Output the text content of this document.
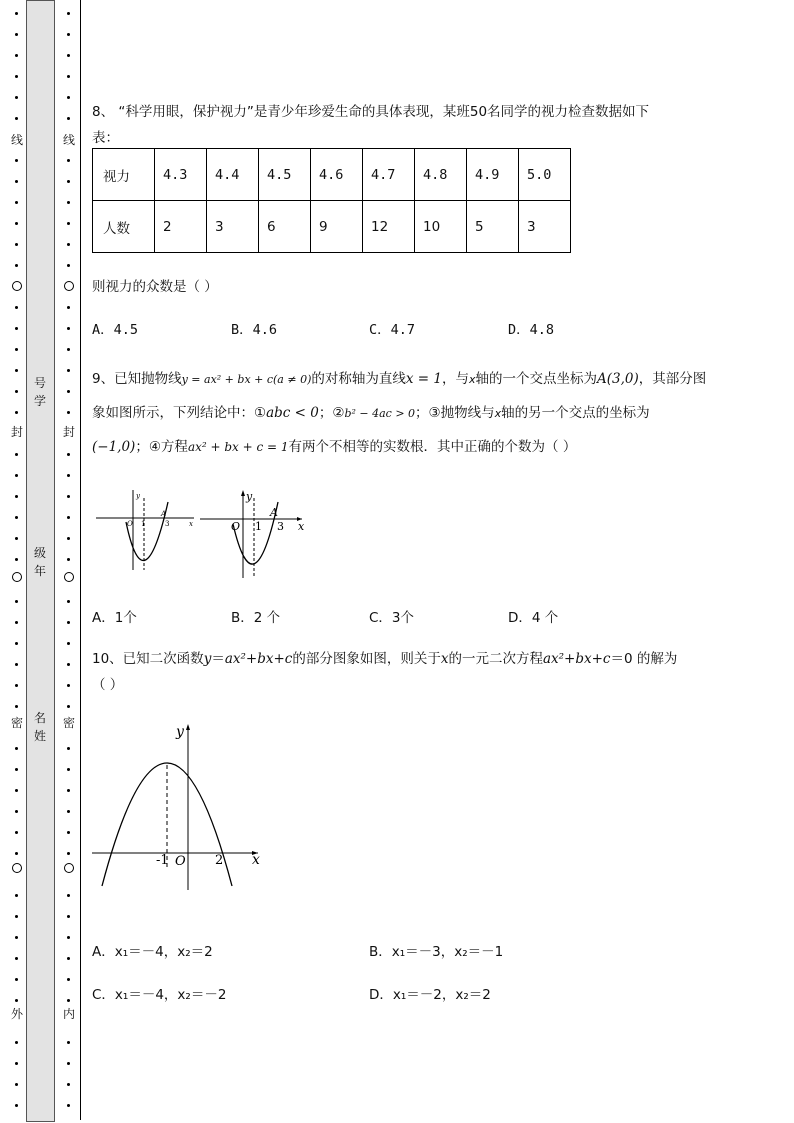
线
封
密
外
线
封
密
内
号
学
级
年
名
姓
8、 “科学用眼，保护视力”是青少年珍爱生命的具体表现，某班50名同学的视力检查数据如下
表：
视力	4.3	4.4	4.5	4.6	4.7	4.8	4.9	5.0
人数	2	3	6	9	12	10	5	3
则视力的众数是（ ）
A．4.5	B．4.6	C．4.7	D．4.8
9、已知抛物线y = ax² + bx + c(a ≠ 0)的对称轴为直线x = 1，与x轴的一个交点坐标为A(3,0)，其部分图
象如图所示，下列结论中：①abc < 0；②b² − 4ac > 0；③抛物线与x轴的另一个交点的坐标为
(−1,0)；④方程ax² + bx + c = 1有两个不相等的实数根．其中正确的个数为（ ）
y
O 1	3
A
x
y
O 1 3
A
x
A．1个	B．2 个	C．3个	D．4 个
10、已知二次函数y＝ax²+bx+c的部分图象如图，则关于x的一元二次方程ax²+bx+c＝0 的解为
（ ）
y
-1 O 2 x
A．x₁＝－4，x₂＝2	B．x₁＝－3，x₂＝－1
C．x₁＝－4，x₂＝－2	D．x₁＝－2，x₂＝2
